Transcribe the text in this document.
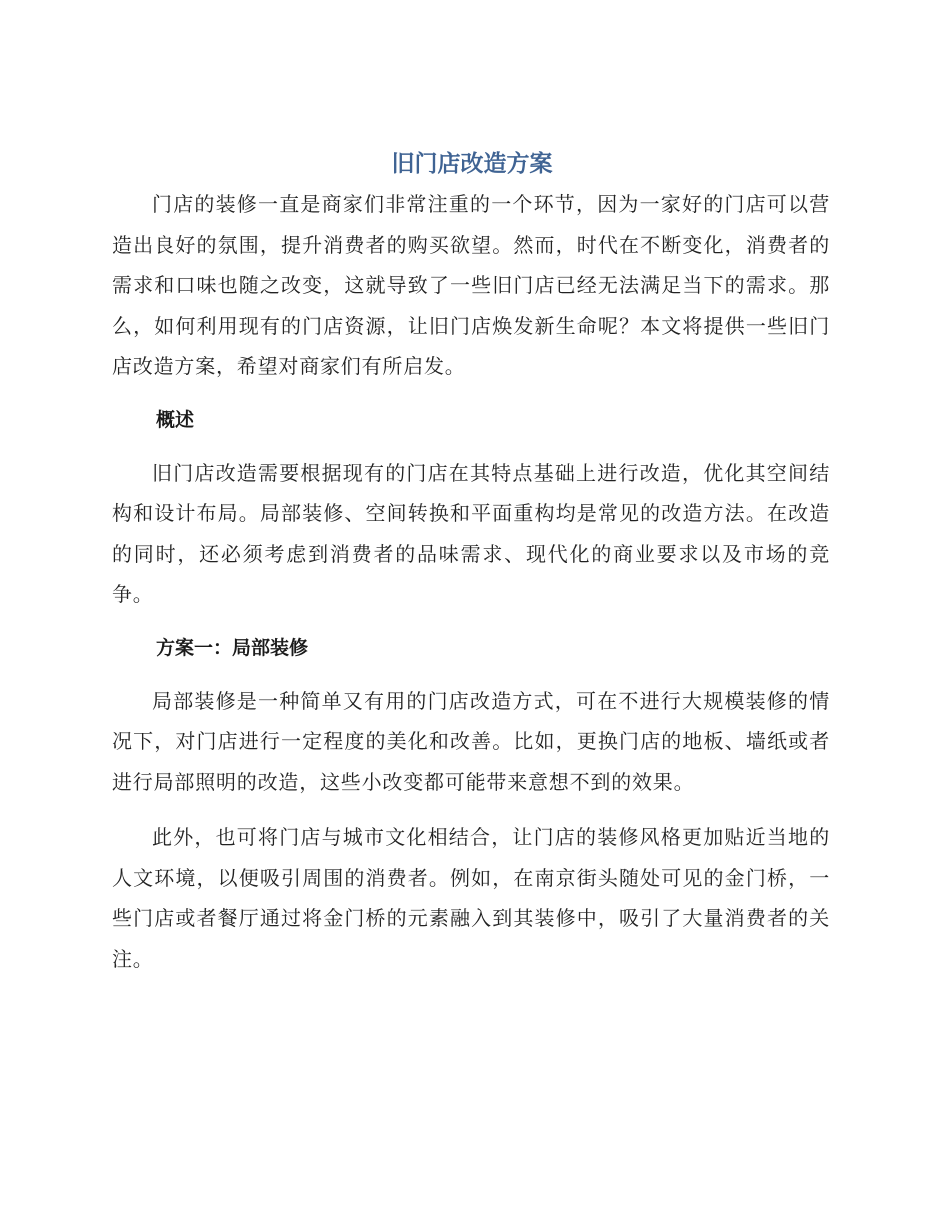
旧门店改造方案

门店的装修一直是商家们非常注重的一个环节，因为一家好的门店可以营造出良好的氛围，提升消费者的购买欲望。然而，时代在不断变化，消费者的需求和口味也随之改变，这就导致了一些旧门店已经无法满足当下的需求。那么，如何利用现有的门店资源，让旧门店焕发新生命呢？本文将提供一些旧门店改造方案，希望对商家们有所启发。

概述

旧门店改造需要根据现有的门店在其特点基础上进行改造，优化其空间结构和设计布局。局部装修、空间转换和平面重构均是常见的改造方法。在改造的同时，还必须考虑到消费者的品味需求、现代化的商业要求以及市场的竞争。

方案一：局部装修

局部装修是一种简单又有用的门店改造方式，可在不进行大规模装修的情况下，对门店进行一定程度的美化和改善。比如，更换门店的地板、墙纸或者进行局部照明的改造，这些小改变都可能带来意想不到的效果。

此外，也可将门店与城市文化相结合，让门店的装修风格更加贴近当地的人文环境，以便吸引周围的消费者。例如，在南京街头随处可见的金门桥，一些门店或者餐厅通过将金门桥的元素融入到其装修中，吸引了大量消费者的关注。
